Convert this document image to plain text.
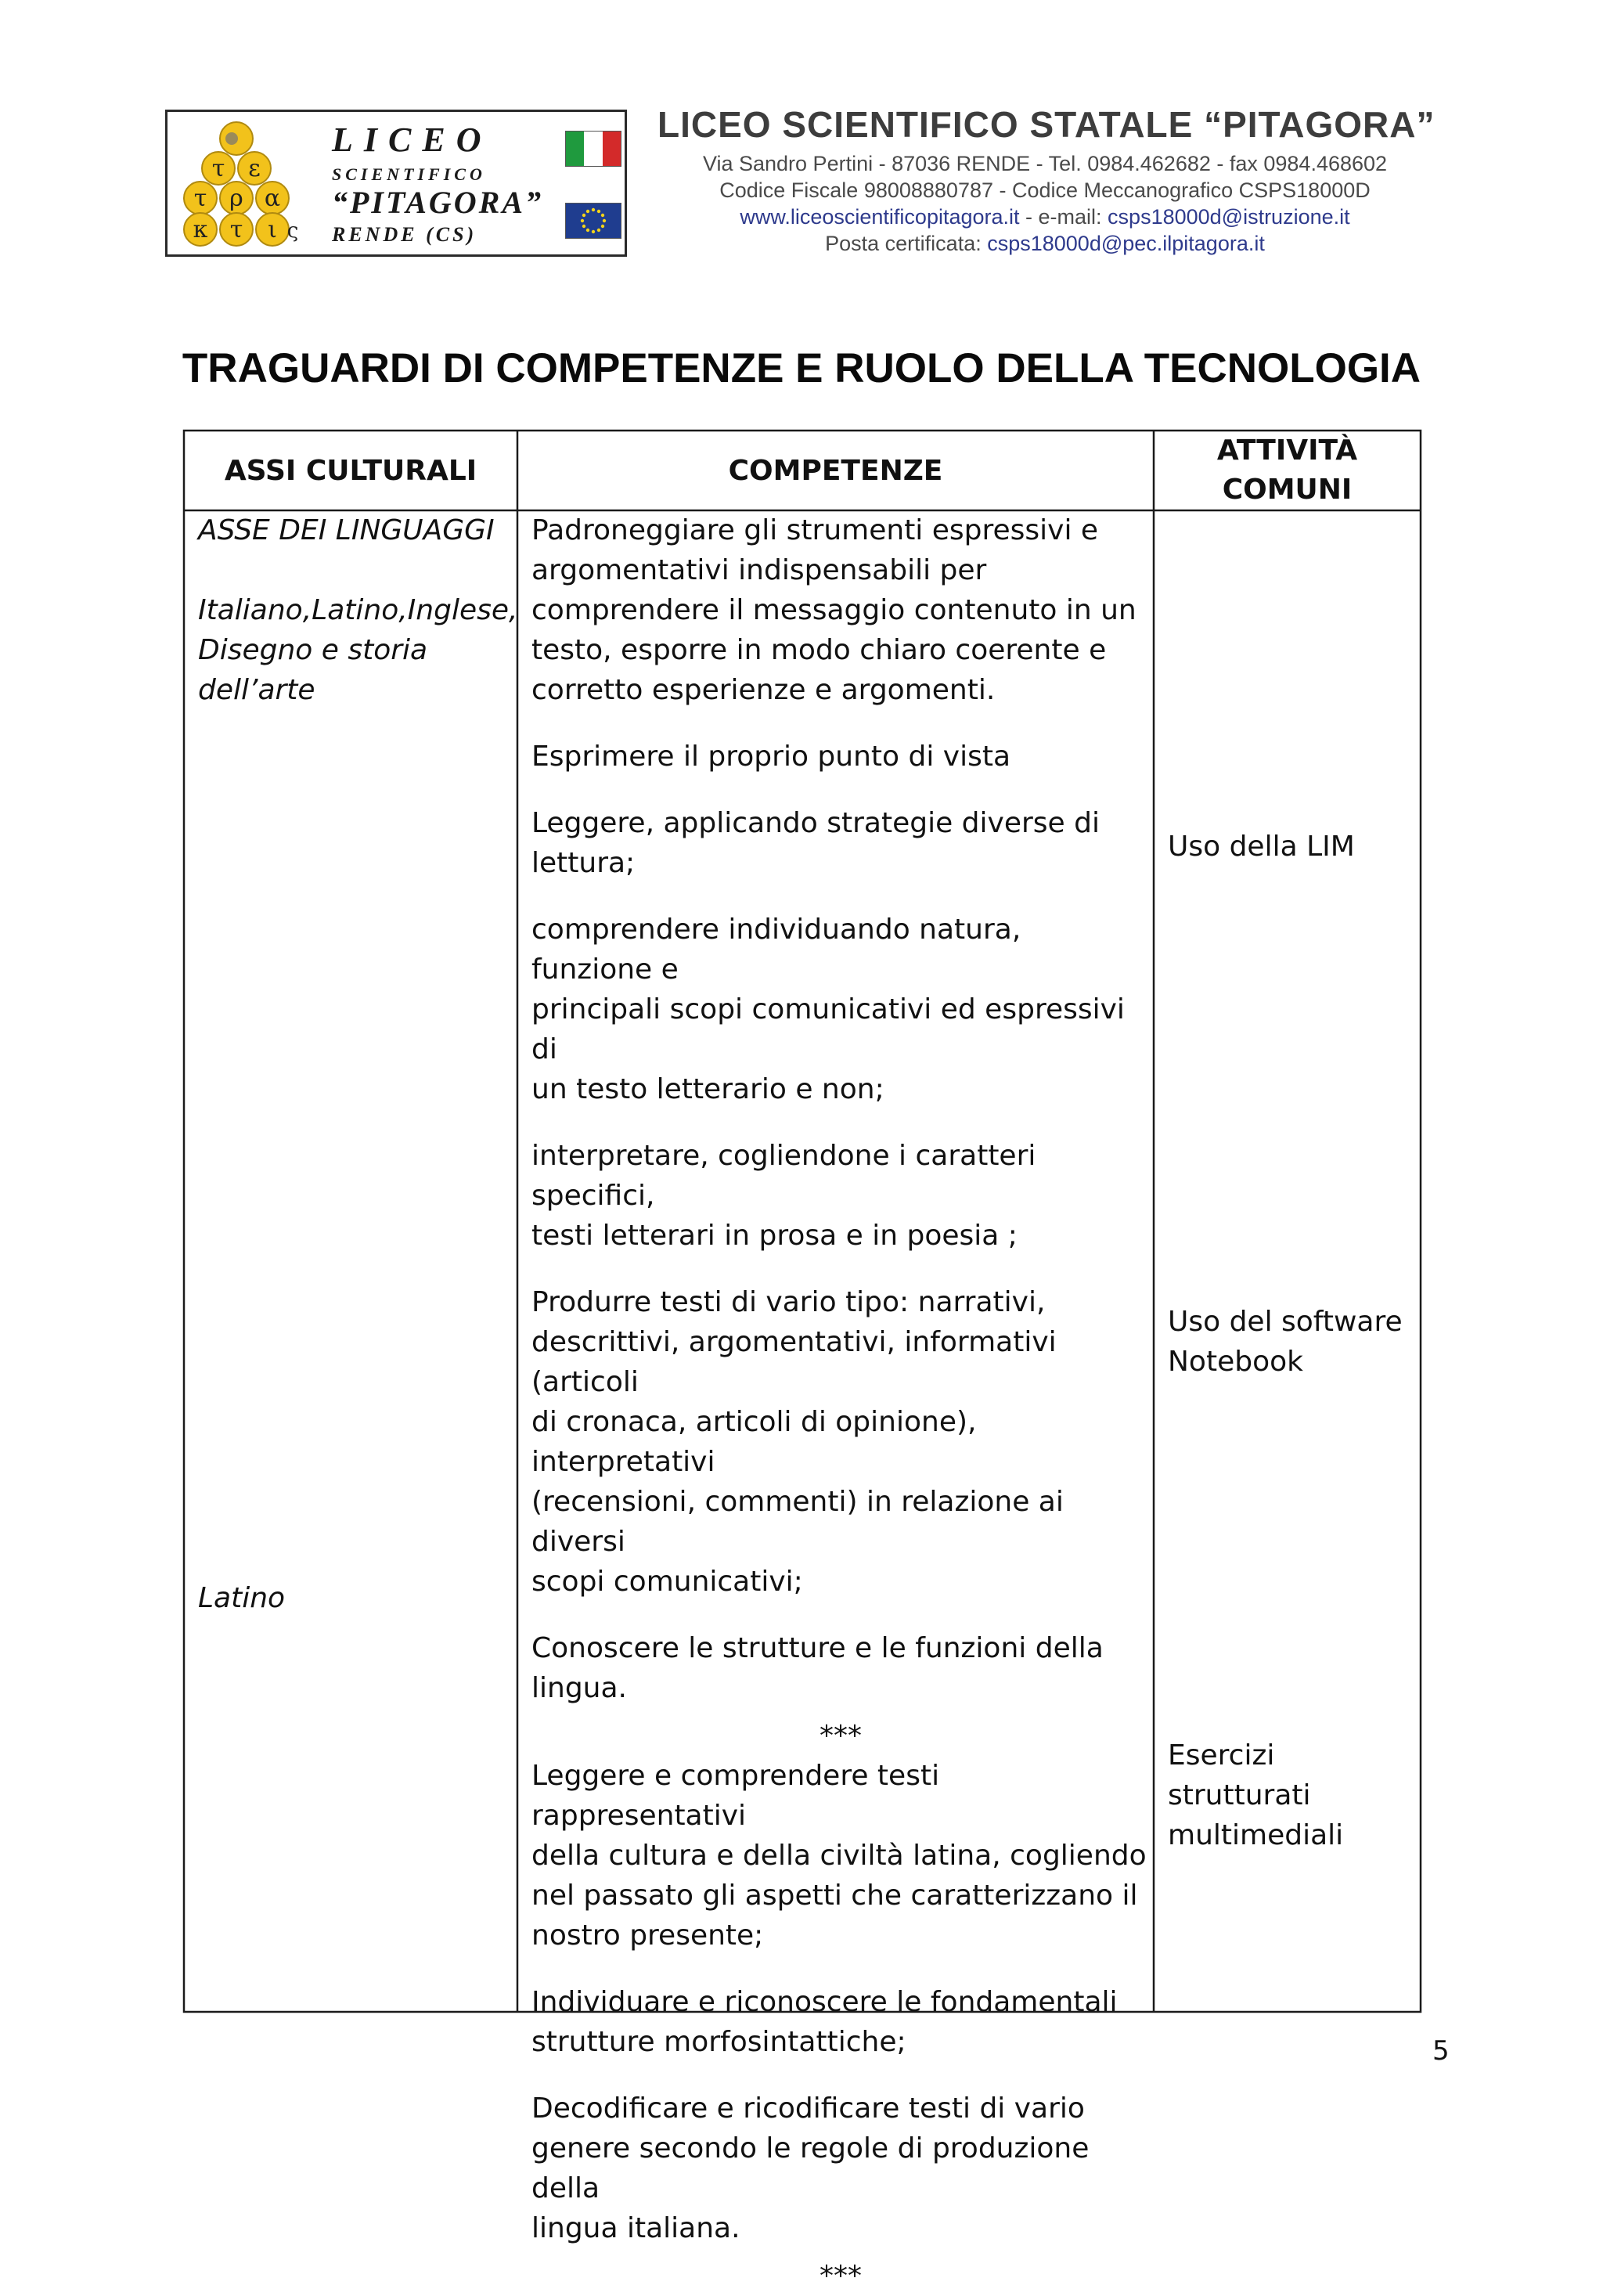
τ ε
τ ρ α
κ τ ι ς
LICEO
SCIENTIFICO
“PITAGORA”
RENDE (CS)
LICEO SCIENTIFICO STATALE “PITAGORA”
Via Sandro Pertini - 87036 RENDE - Tel. 0984.462682 - fax 0984.468602
Codice Fiscale 98008880787 - Codice Meccanografico CSPS18000D
www.liceoscientificopitagora.it - e-mail: csps18000d@istruzione.it
Posta certificata: csps18000d@pec.ilpitagora.it
TRAGUARDI DI COMPETENZE E RUOLO DELLA TECNOLOGIA
ASSI CULTURALI	COMPETENZE
ATTIVITÀ
COMUNI
ASSE DEI LINGUAGGI
Italiano,Latino,Inglese,
Disegno e storia
dell’arte
Latino
Padroneggiare gli strumenti espressivi e
argomentativi indispensabili per
comprendere il messaggio contenuto in un
testo, esporre in modo chiaro coerente e
corretto esperienze e argomenti.
Esprimere il proprio punto di vista
Leggere, applicando strategie diverse di
lettura;
comprendere individuando natura, funzione e
principali scopi comunicativi ed espressivi di
un testo letterario e non;
interpretare, cogliendone i caratteri specifici,
testi letterari in prosa e in poesia ;
Produrre testi di vario tipo: narrativi,
descrittivi, argomentativi, informativi (articoli
di cronaca, articoli di opinione), interpretativi
(recensioni, commenti) in relazione ai diversi
scopi comunicativi;
Conoscere le strutture e le funzioni della
lingua.
***
Leggere e comprendere testi rappresentativi
della cultura e della civiltà latina, cogliendo
nel passato gli aspetti che caratterizzano il
nostro presente;
Individuare e riconoscere le fondamentali
strutture morfosintattiche;
Decodificare e ricodificare testi di vario
genere secondo le regole di produzione della
lingua italiana.
***
Uso della LIM
Uso del software
Notebook
Esercizi
strutturati
multimediali
5
